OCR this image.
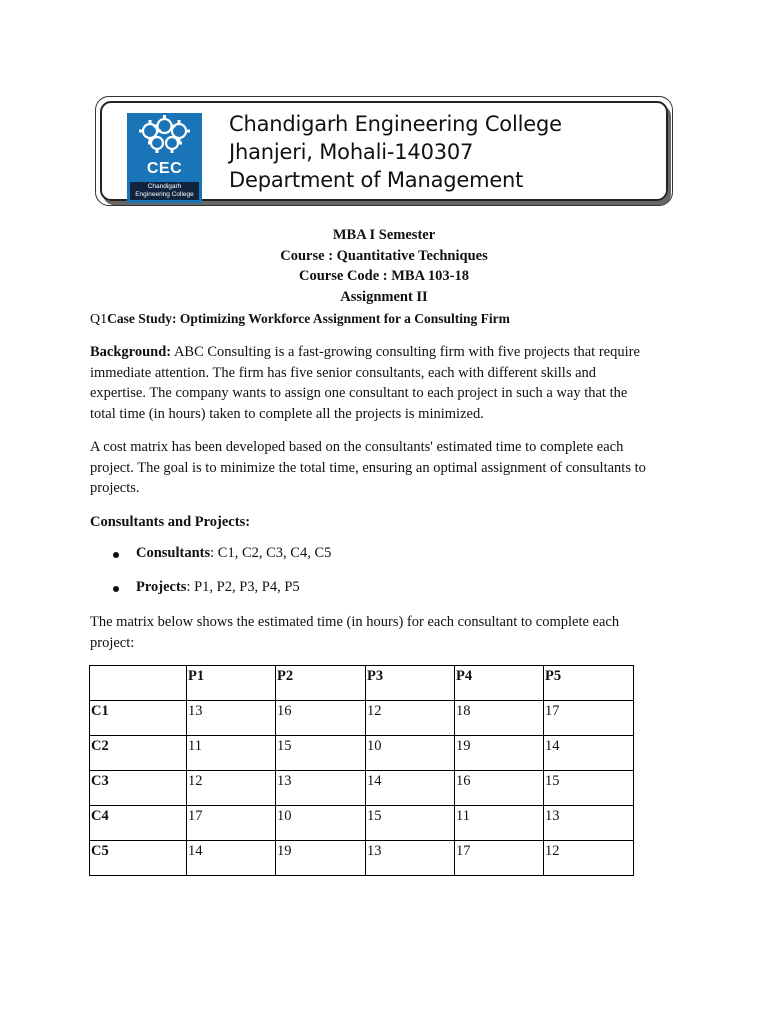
CEC
Chandigarh
Engineering College
Chandigarh Engineering College
Jhanjeri, Mohali-140307
Department of Management
MBA I Semester
Course : Quantitative Techniques
Course Code : MBA 103-18
Assignment II
Q1Case Study: Optimizing Workforce Assignment for a Consulting Firm
Background: ABC Consulting is a fast-growing consulting firm with five projects that require
immediate attention. The firm has five senior consultants, each with different skills and
expertise. The company wants to assign one consultant to each project in such a way that the
total time (in hours) taken to complete all the projects is minimized.
A cost matrix has been developed based on the consultants' estimated time to complete each
project. The goal is to minimize the total time, ensuring an optimal assignment of consultants to
projects.
Consultants and Projects:
Consultants: C1, C2, C3, C4, C5
Projects: P1, P2, P3, P4, P5
The matrix below shows the estimated time (in hours) for each consultant to complete each
project:
	P1	P2	P3	P4	P5
C1	13	16	12	18	17
C2	11	15	10	19	14
C3	12	13	14	16	15
C4	17	10	15	11	13
C5	14	19	13	17	12
